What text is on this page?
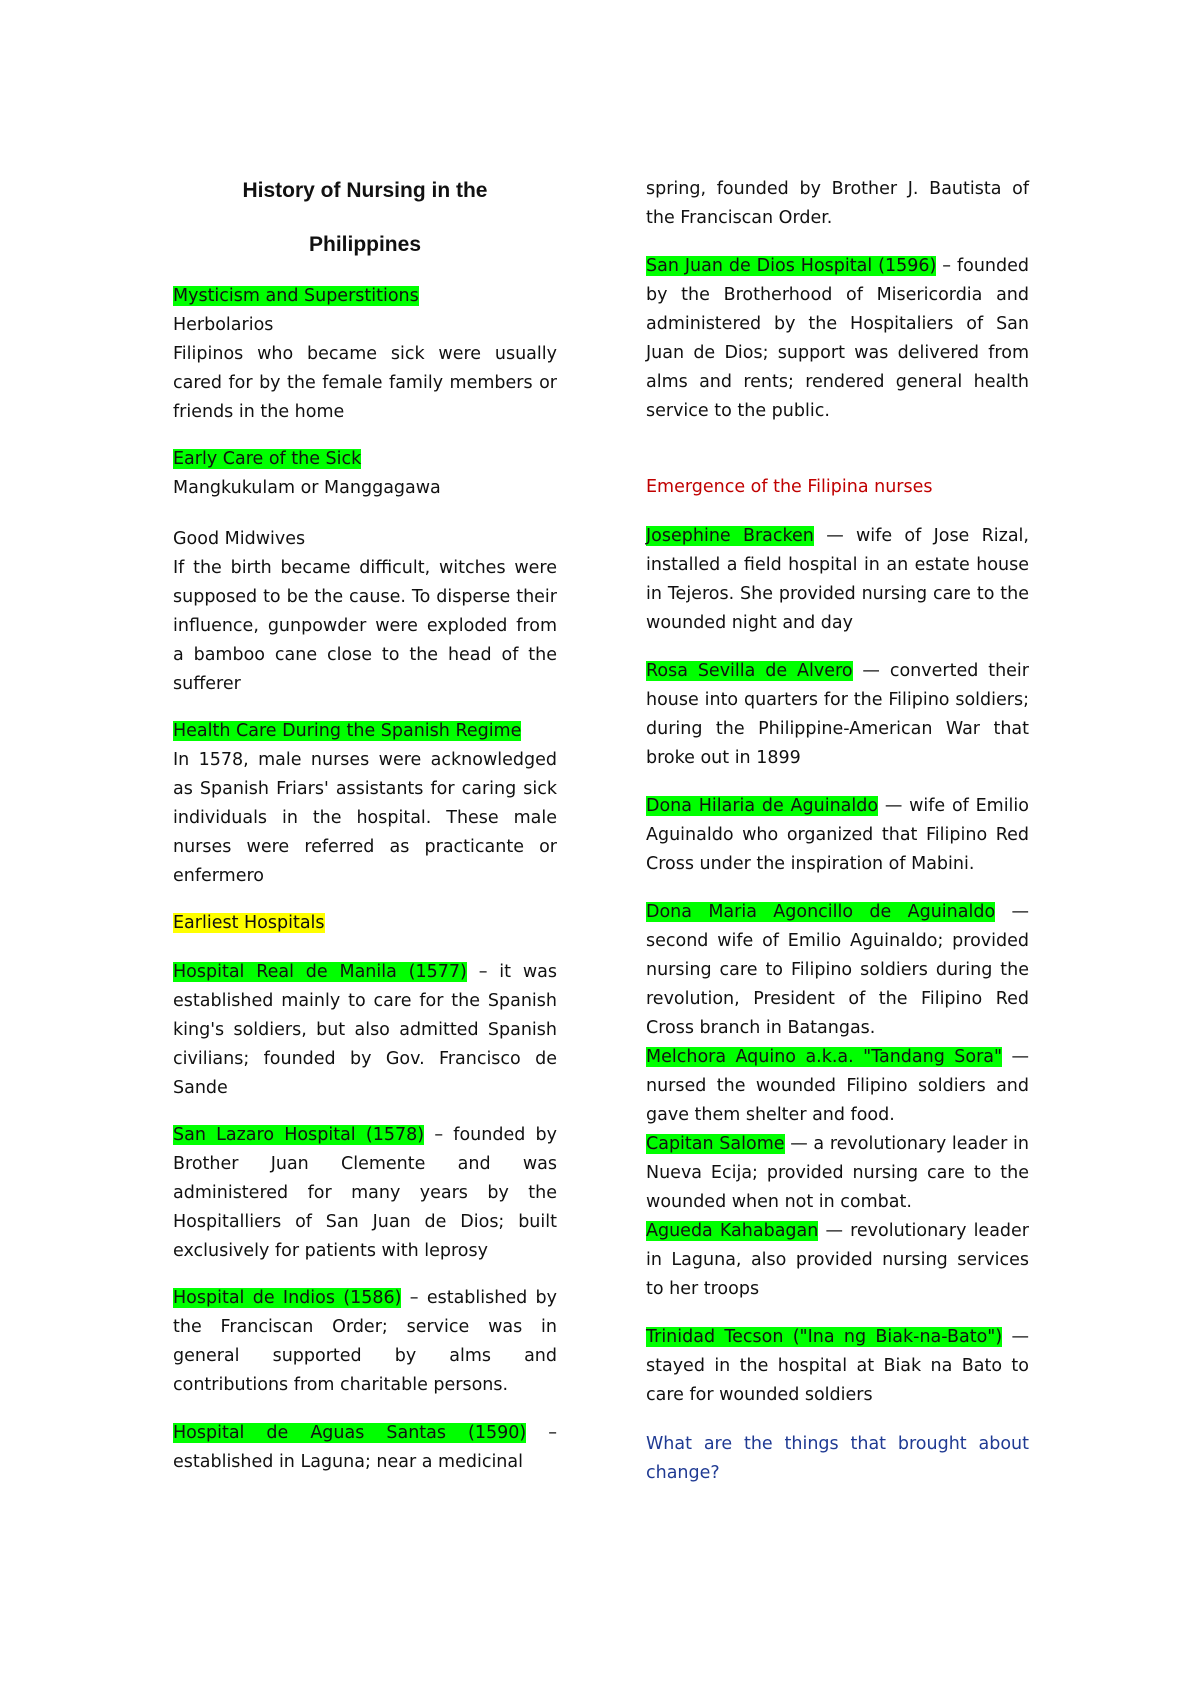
History of Nursing in the
Philippines
Mysticism and Superstitions
Herbolarios

Filipinos who became sick were usually cared for by the female family members or friends in the home

Early Care of the Sick
Mangkukulam or Manggagawa
Good Midwives

If the birth became difficult, witches were supposed to be the cause. To disperse their influence, gunpowder were exploded from a bamboo cane close to the head of the sufferer

Health Care During the Spanish Regime

In 1578, male nurses were acknowledged as Spanish Friars' assistants for caring sick individuals in the hospital. These male nurses were referred as practicante or enfermero

Earliest Hospitals

Hospital Real de Manila (1577) – it was established mainly to care for the Spanish king's soldiers, but also admitted Spanish civilians; founded by Gov. Francisco de Sande

San Lazaro Hospital (1578) – founded by Brother Juan Clemente and was administered for many years by the Hospitalliers of San Juan de Dios; built exclusively for patients with leprosy

Hospital de Indios (1586) – established by the Franciscan Order; service was in general supported by alms and contributions from charitable persons.

Hospital de Aguas Santas (1590) – established in Laguna; near a medicinal

spring, founded by Brother J. Bautista of the Franciscan Order.

San Juan de Dios Hospital (1596) – founded by the Brotherhood of Misericordia and administered by the Hospitaliers of San Juan de Dios; support was delivered from alms and rents; rendered general health service to the public.

Emergence of the Filipina nurses

Josephine Bracken — wife of Jose Rizal, installed a field hospital in an estate house in Tejeros. She provided nursing care to the wounded night and day

Rosa Sevilla de Alvero — converted their house into quarters for the Filipino soldiers; during the Philippine-American War that broke out in 1899

Dona Hilaria de Aguinaldo — wife of Emilio Aguinaldo who organized that Filipino Red Cross under the inspiration of Mabini.

Dona Maria Agoncillo de Aguinaldo — second wife of Emilio Aguinaldo; provided nursing care to Filipino soldiers during the revolution, President of the Filipino Red Cross branch in Batangas.

Melchora Aquino a.k.a. "Tandang Sora" — nursed the wounded Filipino soldiers and gave them shelter and food.

Capitan Salome — a revolutionary leader in Nueva Ecija; provided nursing care to the wounded when not in combat.

Agueda Kahabagan — revolutionary leader in Laguna, also provided nursing services to her troops

Trinidad Tecson ("Ina ng Biak-na-Bato") — stayed in the hospital at Biak na Bato to care for wounded soldiers

What are the things that brought about change?
